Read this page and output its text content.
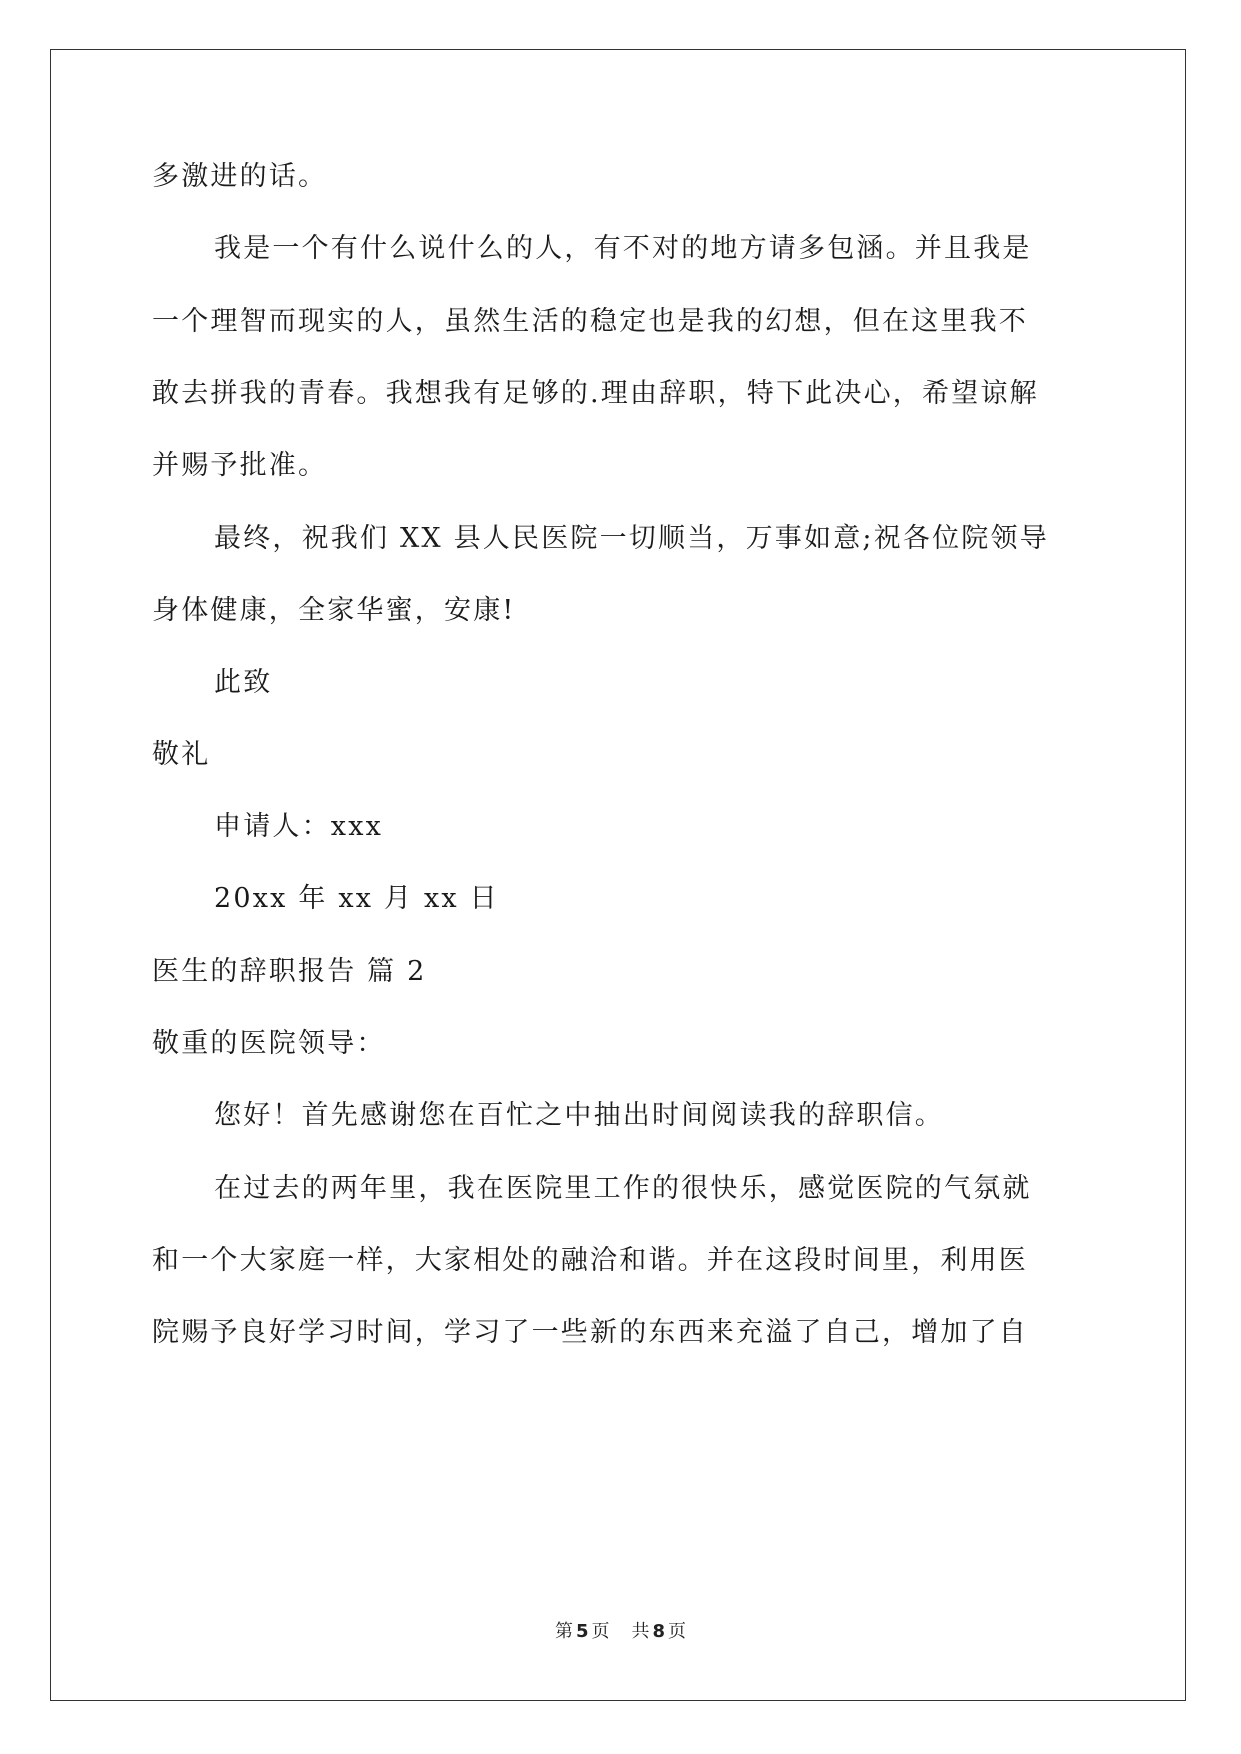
多激进的话。
我是一个有什么说什么的人，有不对的地方请多包涵。并且我是
一个理智而现实的人，虽然生活的稳定也是我的幻想，但在这里我不
敢去拼我的青春。我想我有足够的.理由辞职，特下此决心，希望谅解
并赐予批准。
最终，祝我们 XX 县人民医院一切顺当，万事如意;祝各位院领导
身体健康，全家华蜜，安康!
此致
敬礼
申请人：xxx
20xx 年 xx 月 xx 日
医生的辞职报告 篇 2
敬重的医院领导：
您好！首先感谢您在百忙之中抽出时间阅读我的辞职信。
在过去的两年里，我在医院里工作的很快乐，感觉医院的气氛就
和一个大家庭一样，大家相处的融洽和谐。并在这段时间里，利用医
院赐予良好学习时间，学习了一些新的东西来充溢了自己，增加了自
第 5 页 共 8 页
